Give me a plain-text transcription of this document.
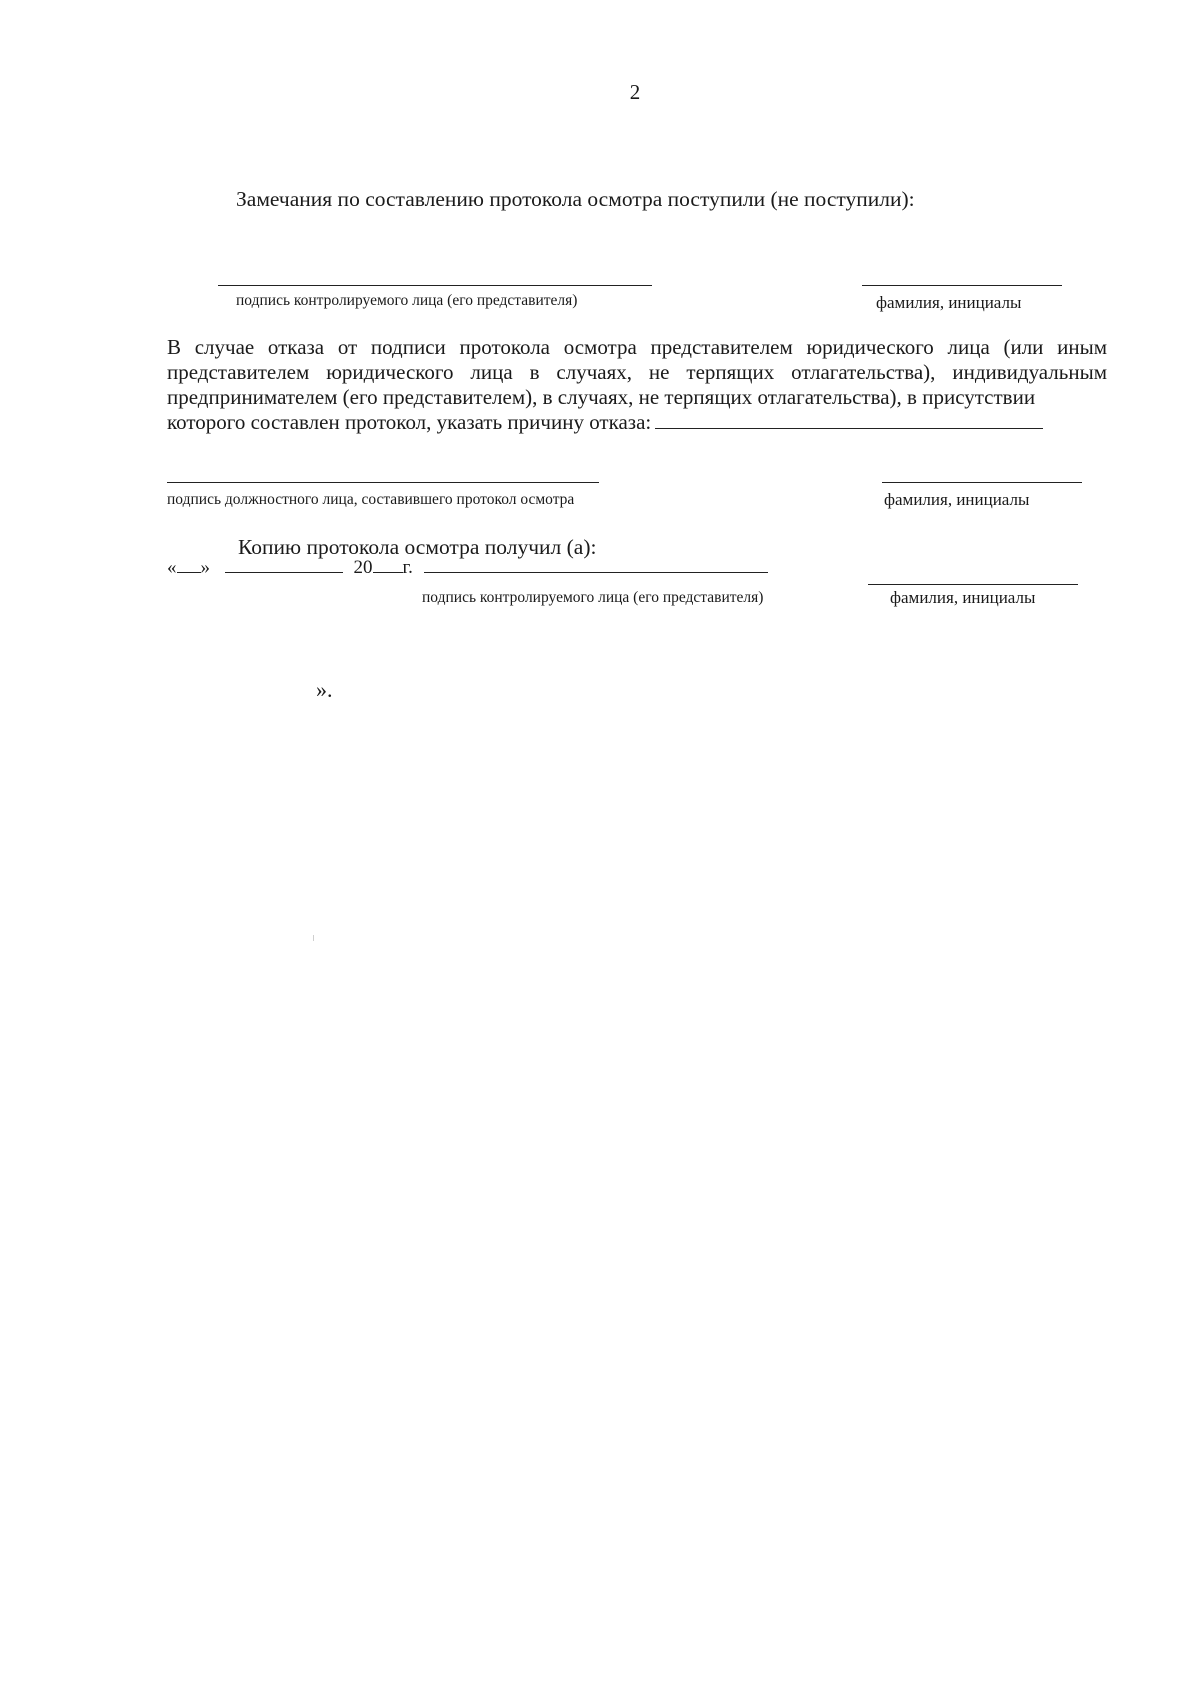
2
Замечания по составлению протокола осмотра поступили (не поступили):
подпись контролируемого лица (его представителя)	фамилия, инициалы
В случае отказа от подписи протокола осмотра представителем юридического лица (или иным представителем юридического лица в случаях, не терпящих отлагательства), индивидуальным предпринимателем (его представителем), в случаях, не терпящих отлагательства), в присутствии
которого составлен протокол, указать причину отказа:
подпись должностного лица, составившего протокол осмотра	фамилия, инициалы
Копию протокола осмотра получил (а):
« »	20 г.
подпись контролируемого лица (его представителя)	фамилия, инициалы
».
